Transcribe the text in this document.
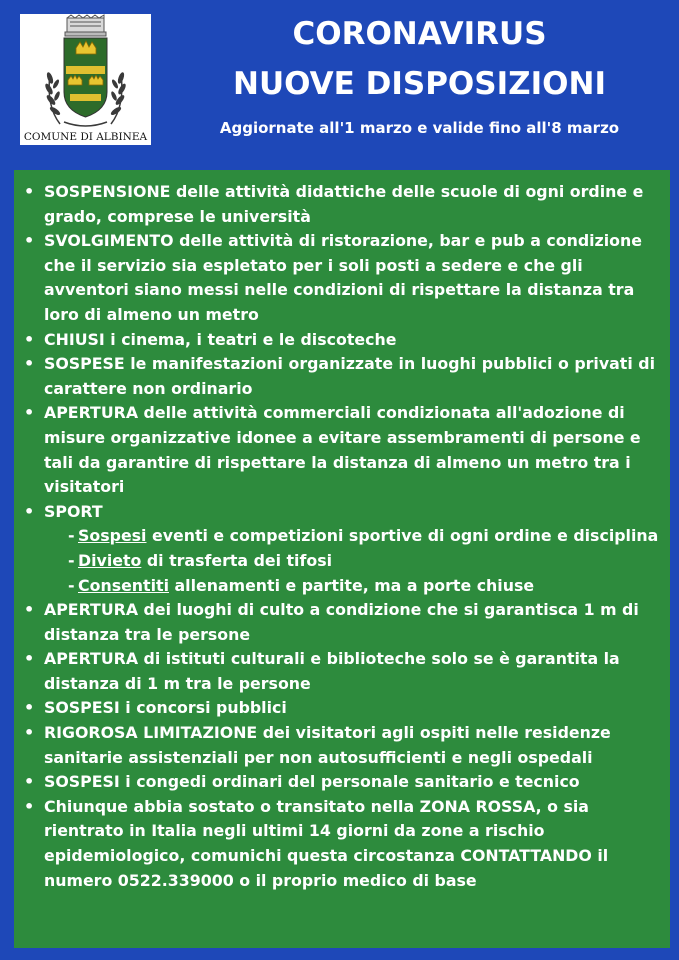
COMUNE DI ALBINEA
CORONAVIRUS
NUOVE DISPOSIZIONI
Aggiornate all'1 marzo e valide fino all'8 marzo
• SOSPENSIONE delle attività didattiche delle scuole di ogni ordine e grado, comprese le università
• SVOLGIMENTO delle attività di ristorazione, bar e pub a condizione che il servizio sia espletato per i soli posti a sedere e che gli avventori siano messi nelle condizioni di rispettare la distanza tra loro di almeno un metro
• CHIUSI i cinema, i teatri e le discoteche
• SOSPESE le manifestazioni organizzate in luoghi pubblici o privati di carattere non ordinario
• APERTURA delle attività commerciali condizionata all'adozione di misure organizzative idonee a evitare assembramenti di persone e tali da garantire di rispettare la distanza di almeno un metro tra i visitatori
• SPORT
- Sospesi eventi e competizioni sportive di ogni ordine e disciplina
- Divieto di trasferta dei tifosi
- Consentiti allenamenti e partite, ma a porte chiuse
• APERTURA dei luoghi di culto a condizione che si garantisca 1 m di distanza tra le persone
• APERTURA di istituti culturali e biblioteche solo se è garantita la distanza di 1 m tra le persone
• SOSPESI i concorsi pubblici
• RIGOROSA LIMITAZIONE dei visitatori agli ospiti nelle residenze sanitarie assistenziali per non autosufficienti e negli ospedali
• SOSPESI i congedi ordinari del personale sanitario e tecnico
• Chiunque abbia sostato o transitato nella ZONA ROSSA, o sia rientrato in Italia negli ultimi 14 giorni da zone a rischio epidemiologico, comunichi questa circostanza CONTATTANDO il numero 0522.339000 o il proprio medico di base
